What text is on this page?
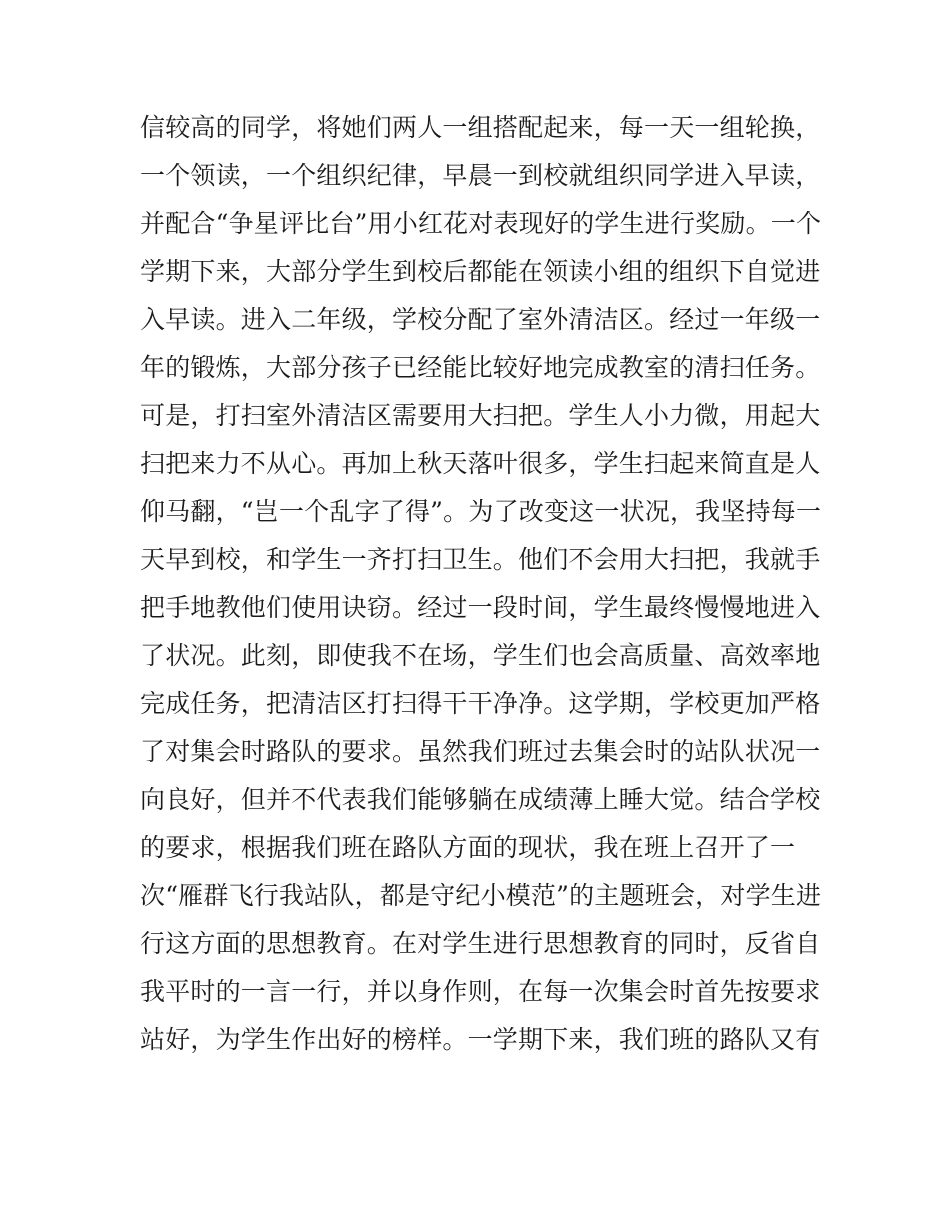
信较高的同学，将她们两人一组搭配起来，每一天一组轮换，
一个领读，一个组织纪律，早晨一到校就组织同学进入早读，
并配合“争星评比台”用小红花对表现好的学生进行奖励。一个
学期下来，大部分学生到校后都能在领读小组的组织下自觉进
入早读。进入二年级，学校分配了室外清洁区。经过一年级一
年的锻炼，大部分孩子已经能比较好地完成教室的清扫任务。
可是，打扫室外清洁区需要用大扫把。学生人小力微，用起大
扫把来力不从心。再加上秋天落叶很多，学生扫起来简直是人
仰马翻，“岂一个乱字了得”。为了改变这一状况，我坚持每一
天早到校，和学生一齐打扫卫生。他们不会用大扫把，我就手
把手地教他们使用诀窃。经过一段时间，学生最终慢慢地进入
了状况。此刻，即使我不在场，学生们也会高质量、高效率地
完成任务，把清洁区打扫得干干净净。这学期，学校更加严格
了对集会时路队的要求。虽然我们班过去集会时的站队状况一
向良好，但并不代表我们能够躺在成绩薄上睡大觉。结合学校
的要求，根据我们班在路队方面的现状，我在班上召开了一
次“雁群飞行我站队，都是守纪小模范”的主题班会，对学生进
行这方面的思想教育。在对学生进行思想教育的同时，反省自
我平时的一言一行，并以身作则，在每一次集会时首先按要求
站好，为学生作出好的榜样。一学期下来，我们班的路队又有
